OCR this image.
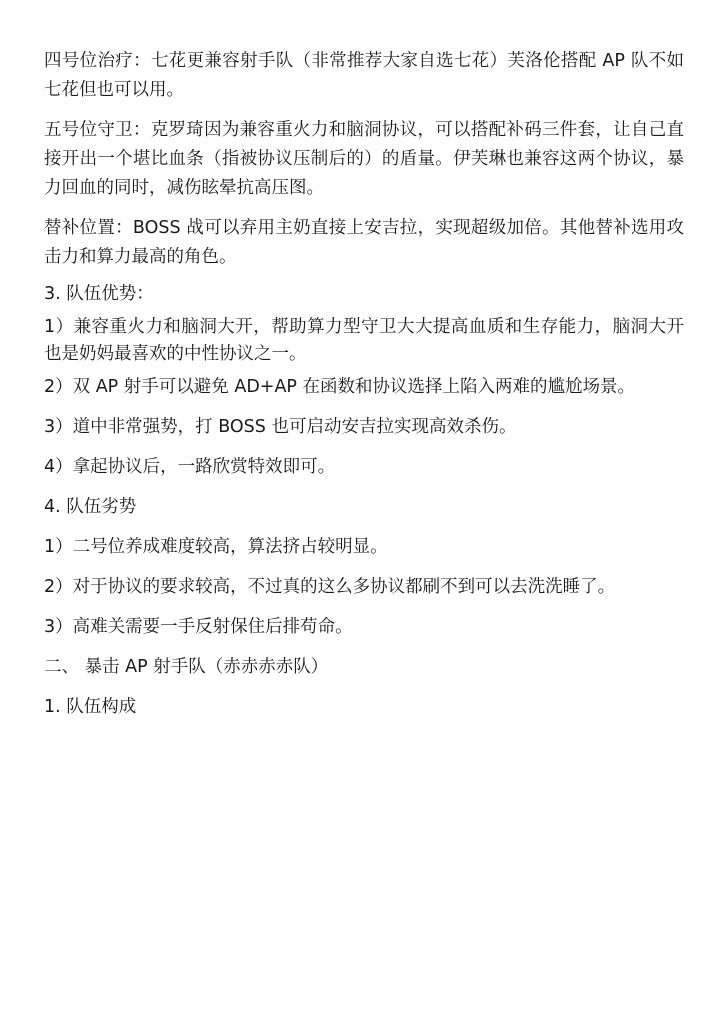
四号位治疗：七花更兼容射手队（非常推荐大家自选七花）芙洛伦搭配 AP 队不如七花但也可以用。

五号位守卫：克罗琦因为兼容重火力和脑洞协议，可以搭配补码三件套，让自己直接开出一个堪比血条（指被协议压制后的）的盾量。伊芙琳也兼容这两个协议，暴力回血的同时，减伤眩晕抗高压图。

替补位置：BOSS 战可以弃用主奶直接上安吉拉，实现超级加倍。其他替补选用攻击力和算力最高的角色。

3. 队伍优势：

1）兼容重火力和脑洞大开，帮助算力型守卫大大提高血质和生存能力，脑洞大开也是奶妈最喜欢的中性协议之一。

2）双 AP 射手可以避免 AD+AP 在函数和协议选择上陷入两难的尴尬场景。

3）道中非常强势，打 BOSS 也可启动安吉拉实现高效杀伤。

4）拿起协议后，一路欣赏特效即可。

4. 队伍劣势

1）二号位养成难度较高，算法挤占较明显。

2）对于协议的要求较高，不过真的这么多协议都刷不到可以去洗洗睡了。

3）高难关需要一手反射保住后排苟命。

二、 暴击 AP 射手队（赤赤赤赤队）

1. 队伍构成
